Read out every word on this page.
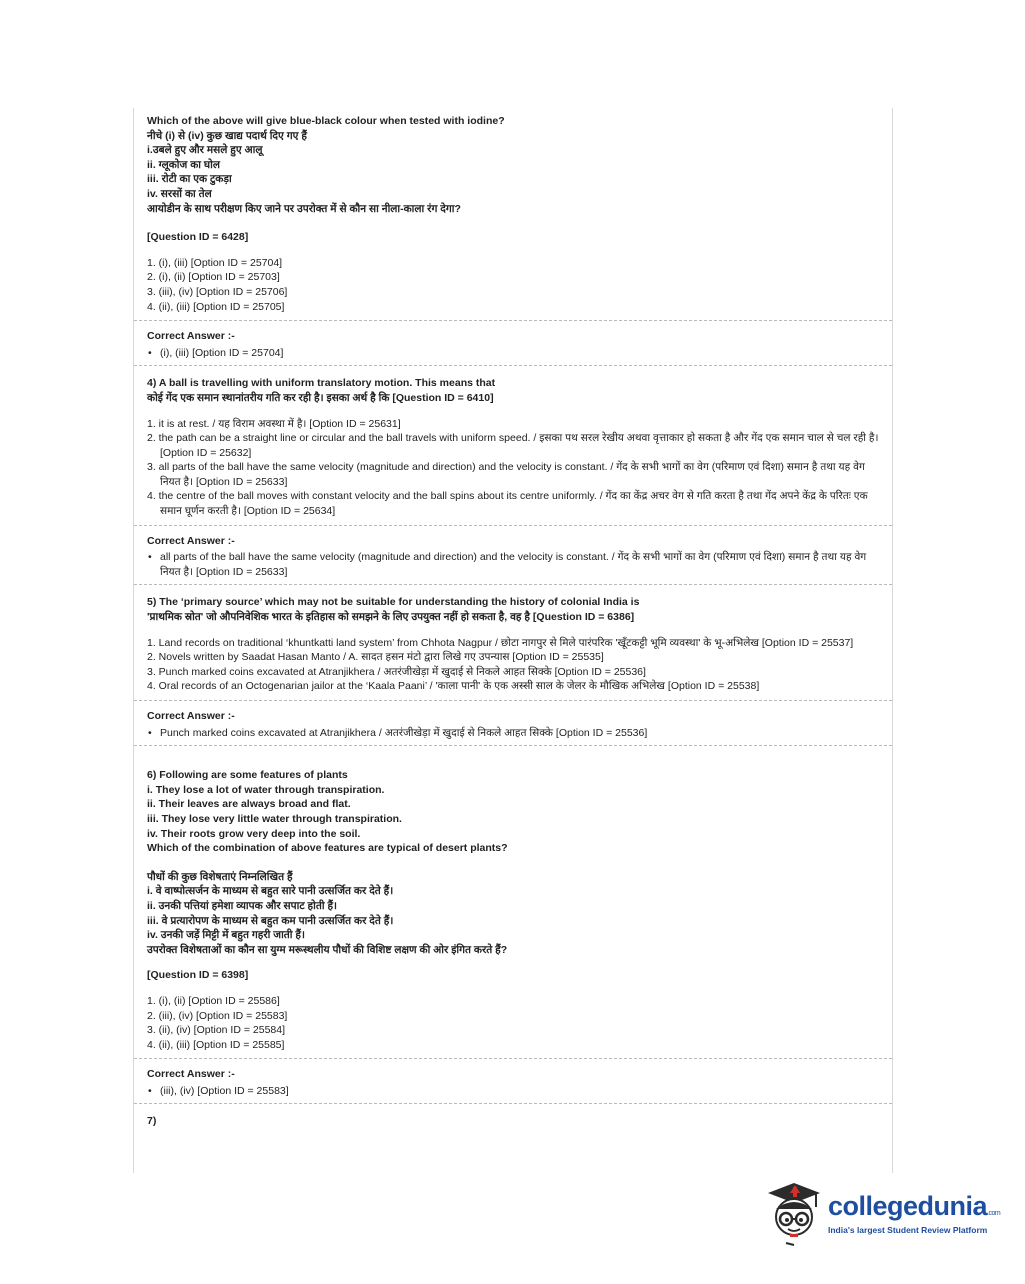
Which of the above will give blue-black colour when tested with iodine?
नीचे (i) से (iv) कुछ खाद्य पदार्थ दिए गए हैं
i.उबले हुए और मसले हुए आलू
ii. ग्लूकोज का घोल
iii. रोटी का एक टुकड़ा
iv. सरसों का तेल
आयोडीन के साथ परीक्षण किए जाने पर उपरोक्त में से कौन सा नीला-काला रंग देगा?
[Question ID = 6428]
1. (i), (iii) [Option ID = 25704]
2. (i), (ii) [Option ID = 25703]
3. (iii), (iv) [Option ID = 25706]
4. (ii), (iii) [Option ID = 25705]
Correct Answer :-
• (i), (iii) [Option ID = 25704]
4) A ball is travelling with uniform translatory motion. This means that
कोई गेंद एक समान स्थानांतरीय गति कर रही है। इसका अर्थ है कि [Question ID = 6410]
1. it is at rest. / यह विराम अवस्था में है। [Option ID = 25631]
2. the path can be a straight line or circular and the ball travels with uniform speed. / इसका पथ सरल रेखीय अथवा वृत्ताकार हो सकता है और गेंद एक समान चाल से चल रही है। [Option ID = 25632]
3. all parts of the ball have the same velocity (magnitude and direction) and the velocity is constant. / गेंद के सभी भागों का वेग (परिमाण एवं दिशा) समान है तथा यह वेग नियत है। [Option ID = 25633]
4. the centre of the ball moves with constant velocity and the ball spins about its centre uniformly. / गेंद का केंद्र अचर वेग से गति करता है तथा गेंद अपने केंद्र के परितः एक समान घूर्णन करती है। [Option ID = 25634]
Correct Answer :-
• all parts of the ball have the same velocity (magnitude and direction) and the velocity is constant. / गेंद के सभी भागों का वेग (परिमाण एवं दिशा) समान है तथा यह वेग नियत है। [Option ID = 25633]
5) The ‘primary source’ which may not be suitable for understanding the history of colonial India is
'प्राथमिक स्रोत' जो औपनिवेशिक भारत के इतिहास को समझने के लिए उपयुक्त नहीं हो सकता है, वह है [Question ID = 6386]
1. Land records on traditional ‘khuntkatti land system’ from Chhota Nagpur / छोटा नागपुर से मिले पारंपरिक 'खूँटकट्टी भूमि व्यवस्था' के भू-अभिलेख [Option ID = 25537]
2. Novels written by Saadat Hasan Manto / A. सादत हसन मंटो द्वारा लिखे गए उपन्यास [Option ID = 25535]
3. Punch marked coins excavated at Atranjikhera / अतरंजीखेड़ा में खुदाई से निकले आहत सिक्के [Option ID = 25536]
4. Oral records of an Octogenarian jailor at the ‘Kaala Paani’ / 'काला पानी' के एक अस्सी साल के जेलर के मौखिक अभिलेख [Option ID = 25538]
Correct Answer :-
• Punch marked coins excavated at Atranjikhera / अतरंजीखेड़ा में खुदाई से निकले आहत सिक्के [Option ID = 25536]
6) Following are some features of plants
i. They lose a lot of water through transpiration.
ii. Their leaves are always broad and flat.
iii. They lose very little water through transpiration.
iv. Their roots grow very deep into the soil.
Which of the combination of above features are typical of desert plants?
पौधों की कुछ विशेषताएं निम्नलिखित हैं
i. वे वाष्पोत्सर्जन के माध्यम से बहुत सारे पानी उत्सर्जित कर देते हैं।
ii. उनकी पत्तियां हमेशा व्यापक और सपाट होती हैं।
iii. वे प्रत्यारोपण के माध्यम से बहुत कम पानी उत्सर्जित कर देते हैं।
iv. उनकी जड़ें मिट्टी में बहुत गहरी जाती हैं।
उपरोक्त विशेषताओं का कौन सा युग्म मरूस्थलीय पौधों की विशिष्ट लक्षण की ओर इंगित करते हैं?
[Question ID = 6398]
1. (i), (ii) [Option ID = 25586]
2. (iii), (iv) [Option ID = 25583]
3. (ii), (iv) [Option ID = 25584]
4. (ii), (iii) [Option ID = 25585]
Correct Answer :-
• (iii), (iv) [Option ID = 25583]
7)
collegedunia.com
India's largest Student Review Platform
